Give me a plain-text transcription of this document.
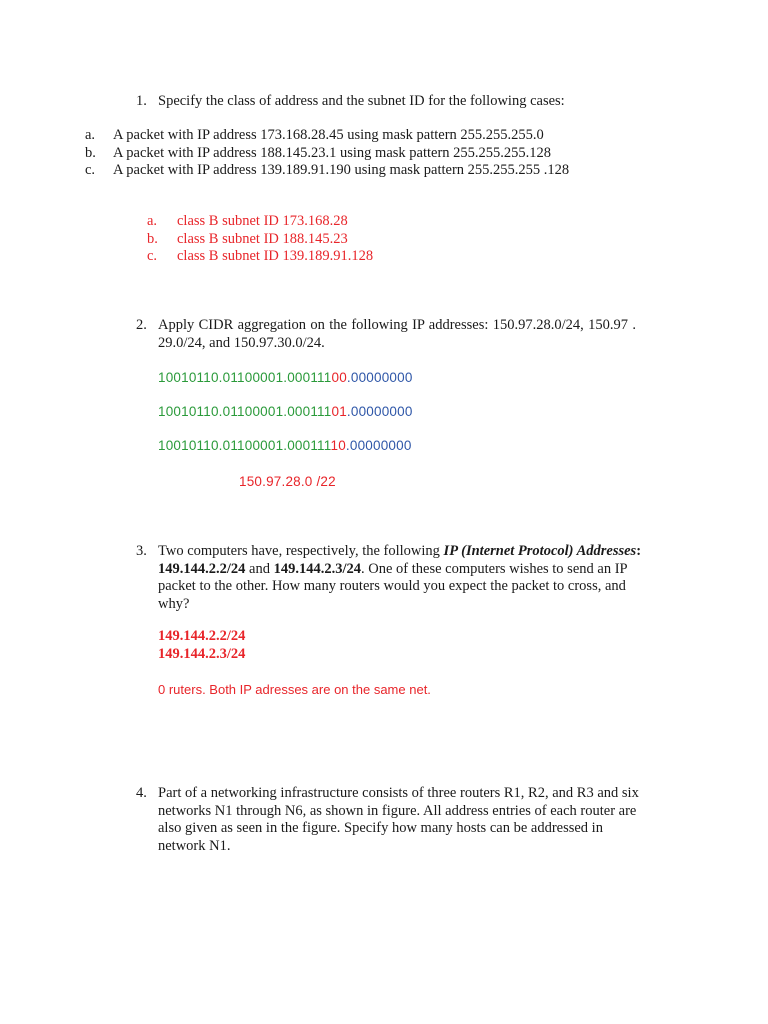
1. Specify the class of address and the subnet ID for the following cases:
a. A packet with IP address 173.168.28.45 using mask pattern 255.255.255.0
b. A packet with IP address 188.145.23.1 using mask pattern 255.255.255.128
c. A packet with IP address 139.189.91.190 using mask pattern 255.255.255 .128
a. class B subnet ID 173.168.28
b. class B subnet ID 188.145.23
c. class B subnet ID 139.189.91.128
2. Apply CIDR aggregation on the following IP addresses: 150.97.28.0/24, 150.97 . 29.0/24, and 150.97.30.0/24.
10010110.01100001.00011100.00000000
10010110.01100001.00011101.00000000
10010110.01100001.00011110.00000000
150.97.28.0 /22
3. Two computers have, respectively, the following IP (Internet Protocol) Addresses: 149.144.2.2/24 and 149.144.2.3/24. One of these computers wishes to send an IP packet to the other. How many routers would you expect the packet to cross, and why?
149.144.2.2/24
149.144.2.3/24
0 ruters. Both IP adresses are on the same net.
4. Part of a networking infrastructure consists of three routers R1, R2, and R3 and six networks N1 through N6, as shown in figure. All address entries of each router are also given as seen in the figure. Specify how many hosts can be addressed in network N1.
